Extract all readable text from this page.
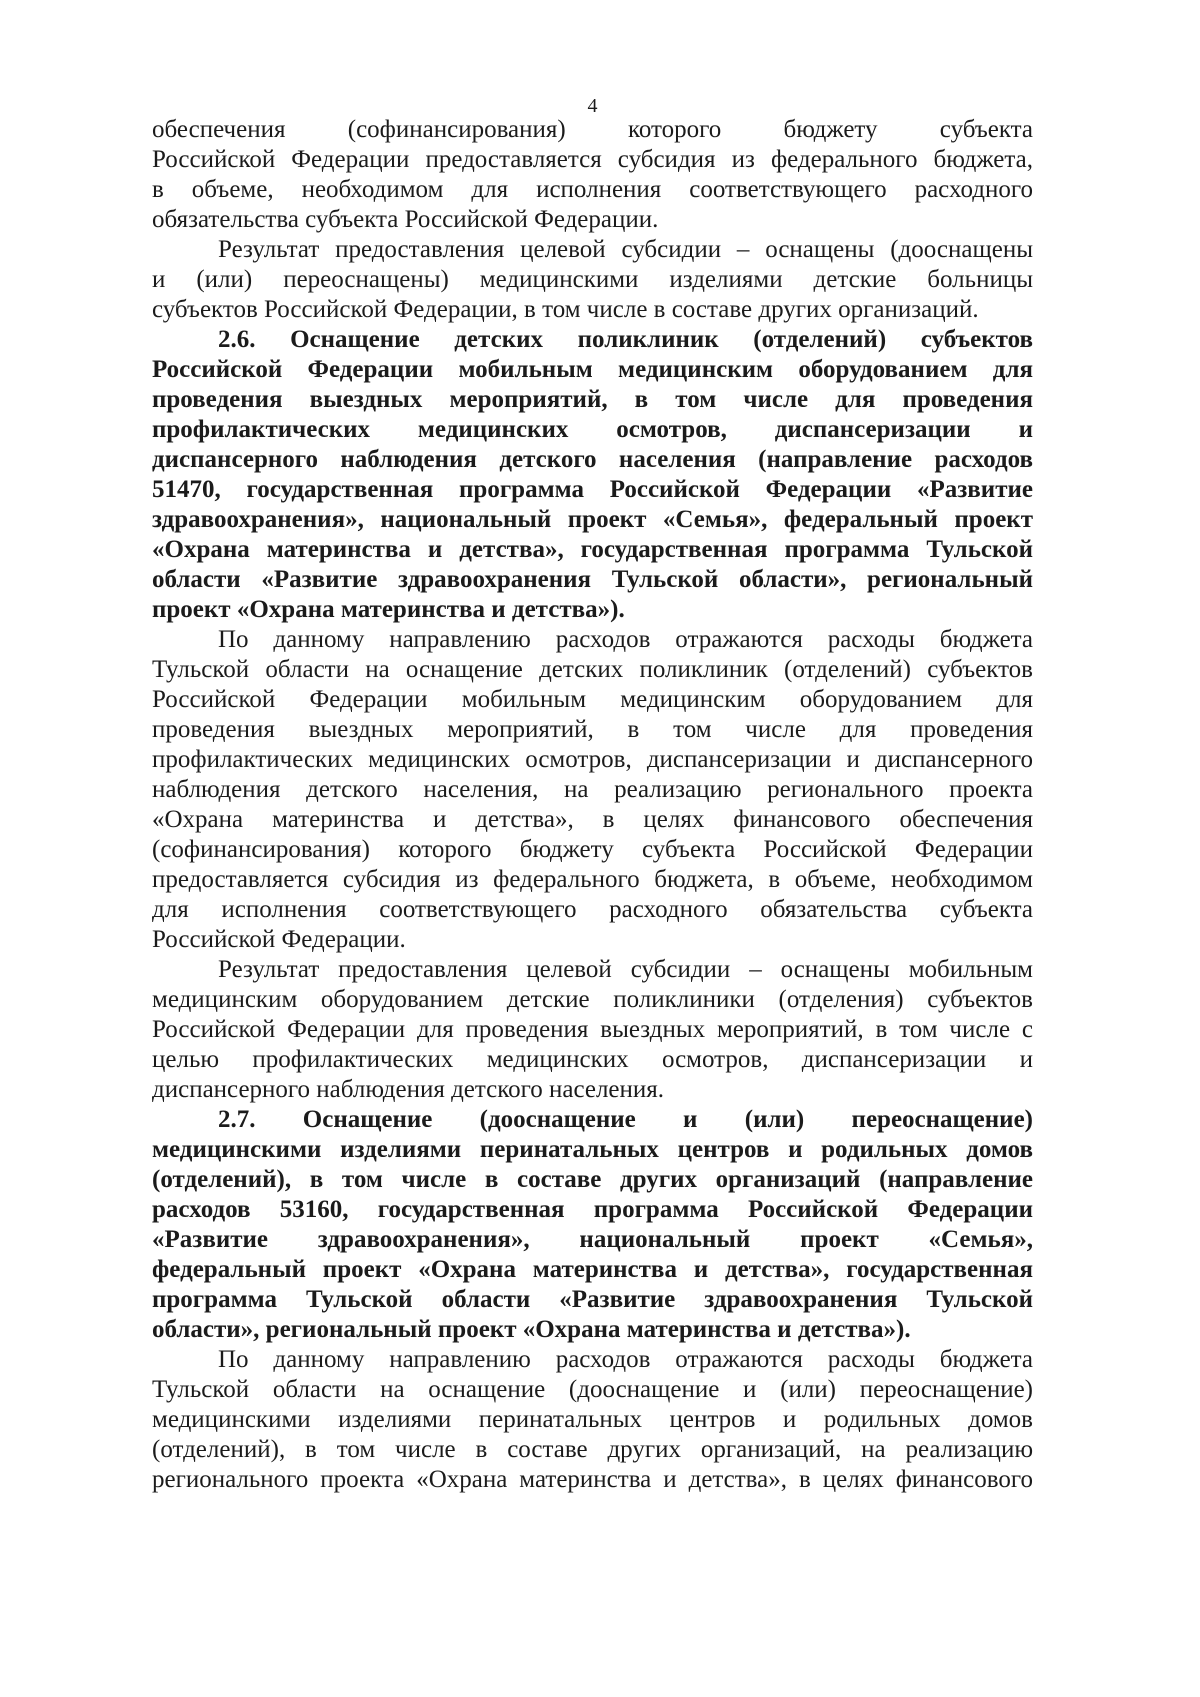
4
обеспечения (софинансирования) которого бюджету субъекта
Российской Федерации предоставляется субсидия из федерального бюджета,
в объеме, необходимом для исполнения соответствующего расходного
обязательства субъекта Российской Федерации.
Результат предоставления целевой субсидии – оснащены (дооснащены
и (или) переоснащены) медицинскими изделиями детские больницы
субъектов Российской Федерации, в том числе в составе других организаций.
2.6. Оснащение детских поликлиник (отделений) субъектов
Российской Федерации мобильным медицинским оборудованием для
проведения выездных мероприятий, в том числе для проведения
профилактических медицинских осмотров, диспансеризации и
диспансерного наблюдения детского населения (направление расходов
51470, государственная программа Российской Федерации «Развитие
здравоохранения», национальный проект «Семья», федеральный проект
«Охрана материнства и детства», государственная программа Тульской
области «Развитие здравоохранения Тульской области», региональный
проект «Охрана материнства и детства»).
По данному направлению расходов отражаются расходы бюджета
Тульской области на оснащение детских поликлиник (отделений) субъектов
Российской Федерации мобильным медицинским оборудованием для
проведения выездных мероприятий, в том числе для проведения
профилактических медицинских осмотров, диспансеризации и диспансерного
наблюдения детского населения, на реализацию регионального проекта
«Охрана материнства и детства», в целях финансового обеспечения
(софинансирования) которого бюджету субъекта Российской Федерации
предоставляется субсидия из федерального бюджета, в объеме, необходимом
для исполнения соответствующего расходного обязательства субъекта
Российской Федерации.
Результат предоставления целевой субсидии – оснащены мобильным
медицинским оборудованием детские поликлиники (отделения) субъектов
Российской Федерации для проведения выездных мероприятий, в том числе с
целью профилактических медицинских осмотров, диспансеризации и
диспансерного наблюдения детского населения.
2.7. Оснащение (дооснащение и (или) переоснащение)
медицинскими изделиями перинатальных центров и родильных домов
(отделений), в том числе в составе других организаций (направление
расходов 53160, государственная программа Российской Федерации
«Развитие здравоохранения», национальный проект «Семья»,
федеральный проект «Охрана материнства и детства», государственная
программа Тульской области «Развитие здравоохранения Тульской
области», региональный проект «Охрана материнства и детства»).
По данному направлению расходов отражаются расходы бюджета
Тульской области на оснащение (дооснащение и (или) переоснащение)
медицинскими изделиями перинатальных центров и родильных домов
(отделений), в том числе в составе других организаций, на реализацию
регионального проекта «Охрана материнства и детства», в целях финансового
